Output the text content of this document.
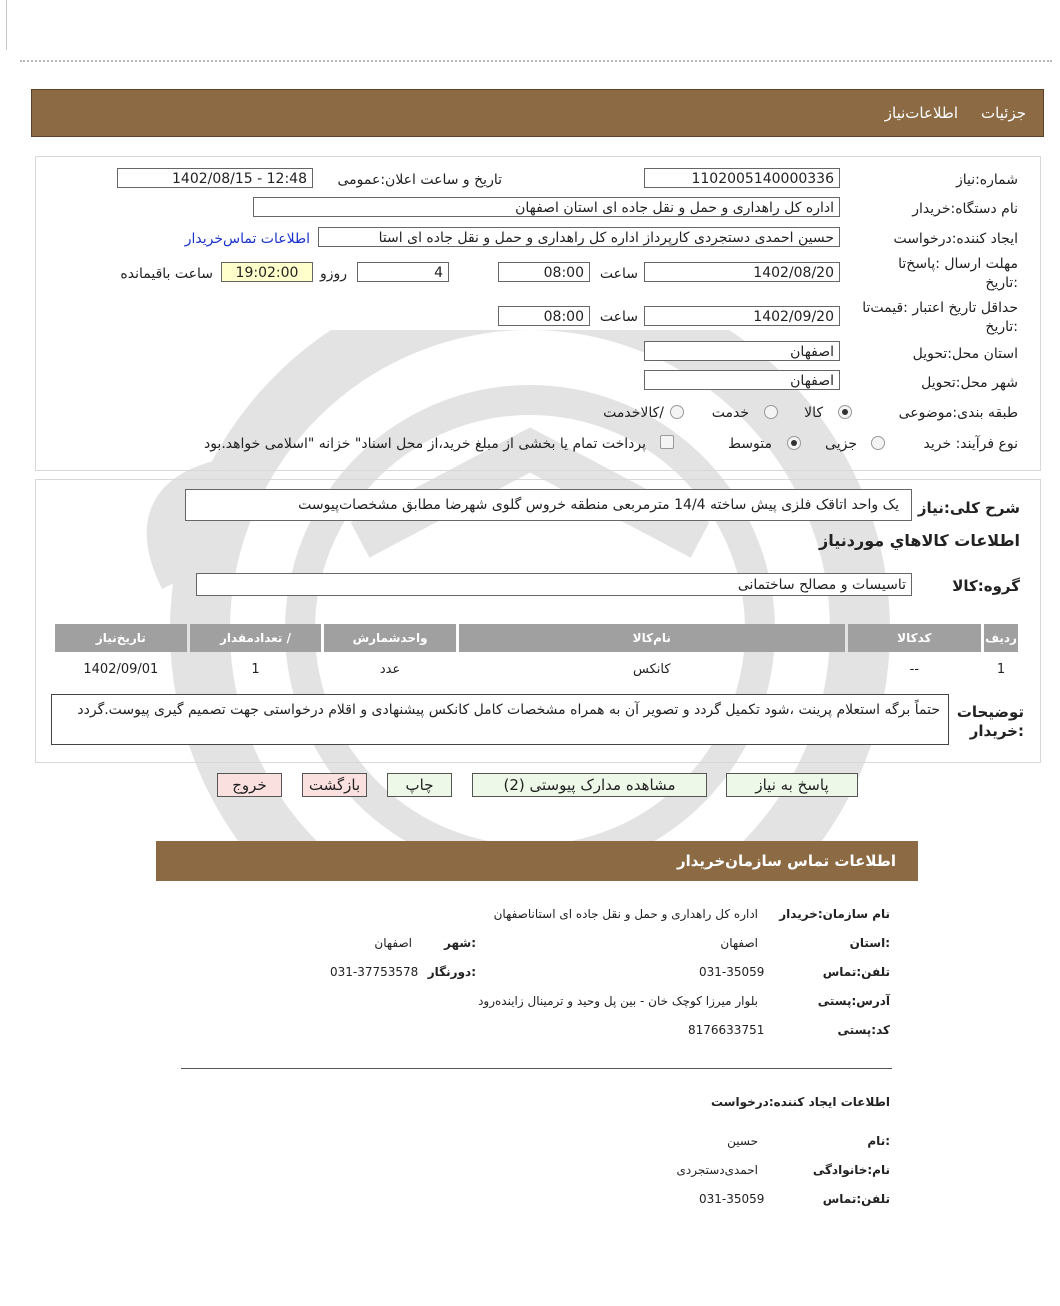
جزئیات
اطلاعات‌نیاز
شماره:نیاز
1102005140000336
تاریخ و ساعت اعلان:عمومی
1402/08/15 - 12:48
نام دستگاه:خریدار
اداره کل راهداری و حمل و نقل جاده ای استان اصفهان
ایجاد کننده:درخواست
حسین احمدی دستجردی کارپرداز اداره کل راهداری و حمل و نقل جاده ای استا
اطلاعات تماس‌خریدار
مهلت ارسال :پاسخ‌تا
:تاریخ
1402/08/20
ساعت
08:00
4
روزو
19:02:00
ساعت باقیمانده
حداقل تاریخ اعتبار :قیمت‌تا
:تاریخ
1402/09/20
ساعت
08:00
استان محل:تحویل
اصفهان
شهر محل:تحویل
اصفهان
طبقه بندی:موضوعی
کالا
خدمت
/کالاخدمت
نوع فرآیند: خرید
جزیی
متوسط
پرداخت تمام یا بخشی از مبلغ خرید،از محل اسناد" خزانه "اسلامی خواهد.بود
شرح کلی:نیاز
یک واحد اتاقک فلزی پیش ساخته 14/4 مترمربعی منطقه خروس گلوی شهرضا مطابق مشخصات‌پیوست
اطلاعات کالاهاي موردنیاز
گروه:کالا
تاسیسات و مصالح ساختمانی
ردیف	کدکالا	نام‌کالا	واحدشمارش	/ تعدادمقدار	تاریخ‌نیاز
1	--	کانکس	عدد	1	1402/09/01
توضیحات
:خریدار
حتماً برگه استعلام پرینت ،شود تکمیل گردد و تصویر آن به همراه مشخصات کامل کانکس پیشنهادی و اقلام درخواستی جهت تصمیم گیری پیوست.گردد
پاسخ به نیاز
مشاهده مدارک پیوستی (2)
چاپ
بازگشت
خروج
اطلاعات تماس سازمان‌خریدار
نام سازمان:خریدار
اداره کل راهداری و حمل و نقل جاده ای استاناصفهان
:استان
اصفهان
:شهر
اصفهان
تلفن:تماس
031-35059
:دورنگار
031-37753578
آدرس:پستی
بلوار میرزا کوچک خان - بین پل وحید و ترمینال زاینده‌رود
کد:پستی
8176633751
اطلاعات ایجاد کننده:درخواست
:نام
حسین
نام:خانوادگی
احمدی‌دستجردی
تلفن:تماس
031-35059
